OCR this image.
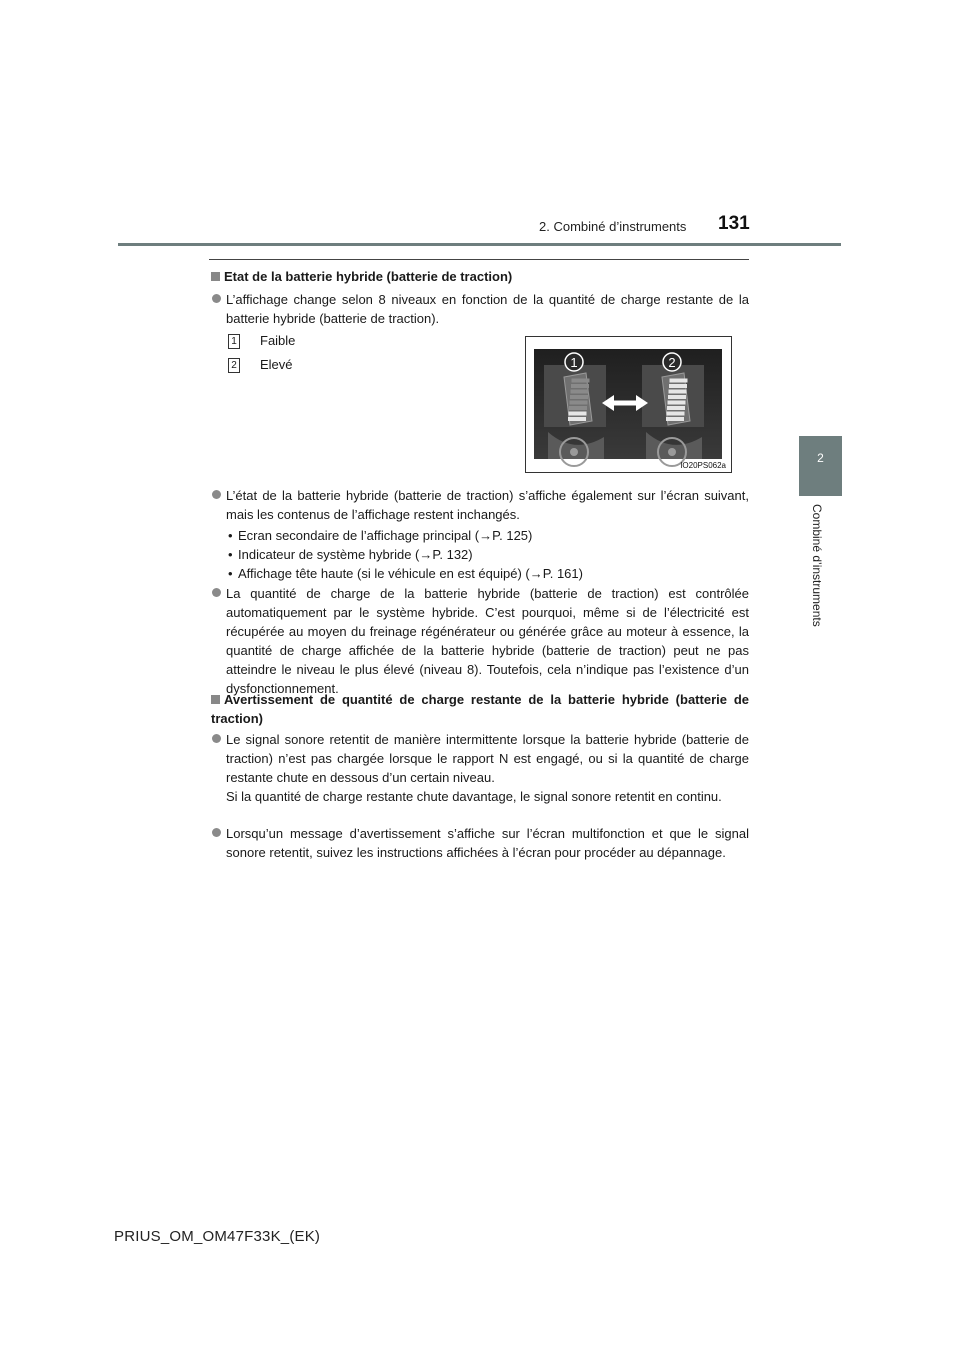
2. Combiné d’instruments 131
2
Combiné d’instruments
Etat de la batterie hybride (batterie de traction)
L’affichage change selon 8 niveaux en fonction de la quantité de charge restante de la batterie hybride (batterie de traction).
1 Faible
2 Elevé	1	2
IO20PS062a
L’état de la batterie hybride (batterie de traction) s’affiche également sur l’écran suivant, mais les contenus de l’affichage restent inchangés.
• Ecran secondaire de l’affichage principal (→P. 125)
• Indicateur de système hybride (→P. 132)
• Affichage tête haute (si le véhicule en est équipé) (→P. 161)
La quantité de charge de la batterie hybride (batterie de traction) est contrôlée automatiquement par le système hybride. C’est pourquoi, même si de l’électricité est récupérée au moyen du freinage régénérateur ou générée grâce au moteur à essence, la quantité de charge affichée de la batterie hybride (batterie de traction) peut ne pas atteindre le niveau le plus élevé (niveau 8). Toutefois, cela n’indique pas l’existence d’un dysfonctionnement.
Avertissement de quantité de charge restante de la batterie hybride (batterie de traction)
Le signal sonore retentit de manière intermittente lorsque la batterie hybride (batterie de traction) n’est pas chargée lorsque le rapport N est engagé, ou si la quantité de charge restante chute en dessous d’un certain niveau.
Si la quantité de charge restante chute davantage, le signal sonore retentit en continu.
Lorsqu’un message d’avertissement s’affiche sur l’écran multifonction et que le signal sonore retentit, suivez les instructions affichées à l’écran pour procéder au dépannage.
PRIUS_OM_OM47F33K_(EK)
